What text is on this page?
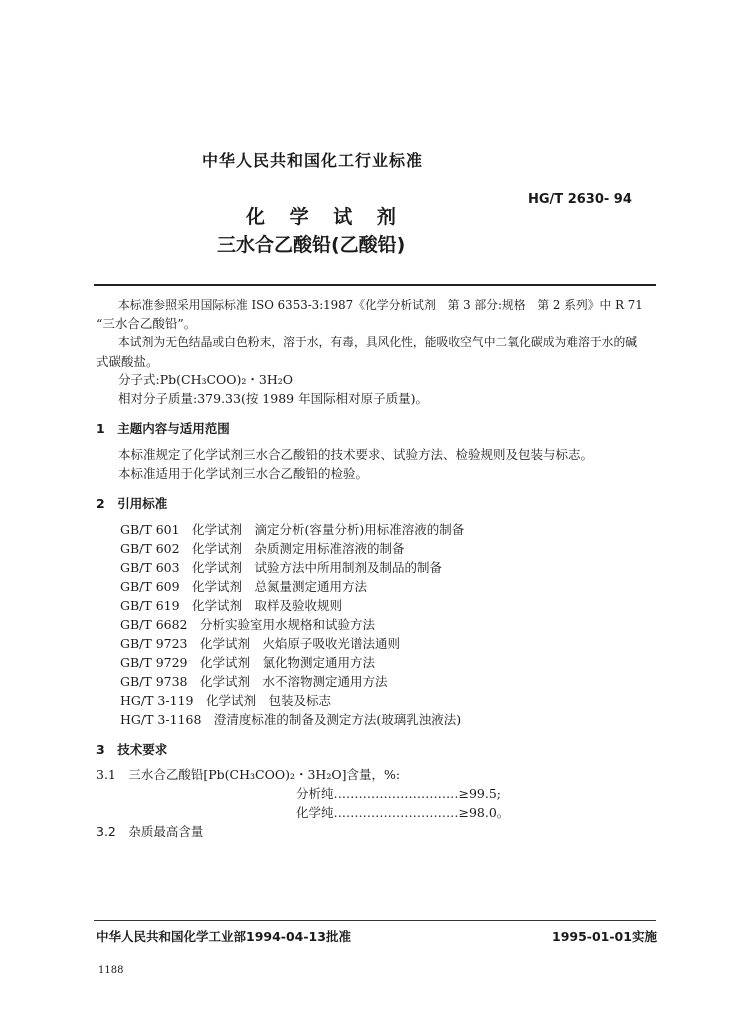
中华人民共和国化工行业标准
HG/T 2630- 94
化 学 试 剂
三水合乙酸铅(乙酸铅)
本标准参照采用国际标准 ISO 6353-3:1987《化学分析试剂　第 3 部分:规格　第 2 系列》中 R 71
“三水合乙酸铅”。
本试剂为无色结晶或白色粉末，溶于水，有毒，具风化性，能吸收空气中二氧化碳成为难溶于水的碱
式碳酸盐。
分子式:Pb(CH₃COO)₂・3H₂O
相对分子质量:379.33(按 1989 年国际相对原子质量)。
1　主题内容与适用范围
本标准规定了化学试剂三水合乙酸铅的技术要求、试验方法、检验规则及包装与标志。
本标准适用于化学试剂三水合乙酸铅的检验。
2　引用标准
GB/T 601　化学试剂　滴定分析(容量分析)用标准溶液的制备
GB/T 602　化学试剂　杂质测定用标准溶液的制备
GB/T 603　化学试剂　试验方法中所用制剂及制品的制备
GB/T 609　化学试剂　总氮量测定通用方法
GB/T 619　化学试剂　取样及验收规则
GB/T 6682　分析实验室用水规格和试验方法
GB/T 9723　化学试剂　火焰原子吸收光谱法通则
GB/T 9729　化学试剂　氯化物测定通用方法
GB/T 9738　化学试剂　水不溶物测定通用方法
HG/T 3-119　化学试剂　包装及标志
HG/T 3-1168　澄清度标准的制备及测定方法(玻璃乳浊液法)
3　技术要求
3.1　三水合乙酸铅[Pb(CH₃COO)₂・3H₂O]含量，%:
分析纯…………………………≥99.5;
化学纯…………………………≥98.0。
3.2　杂质最高含量
中华人民共和国化学工业部1994-04-13批准	1995-01-01实施
1188
